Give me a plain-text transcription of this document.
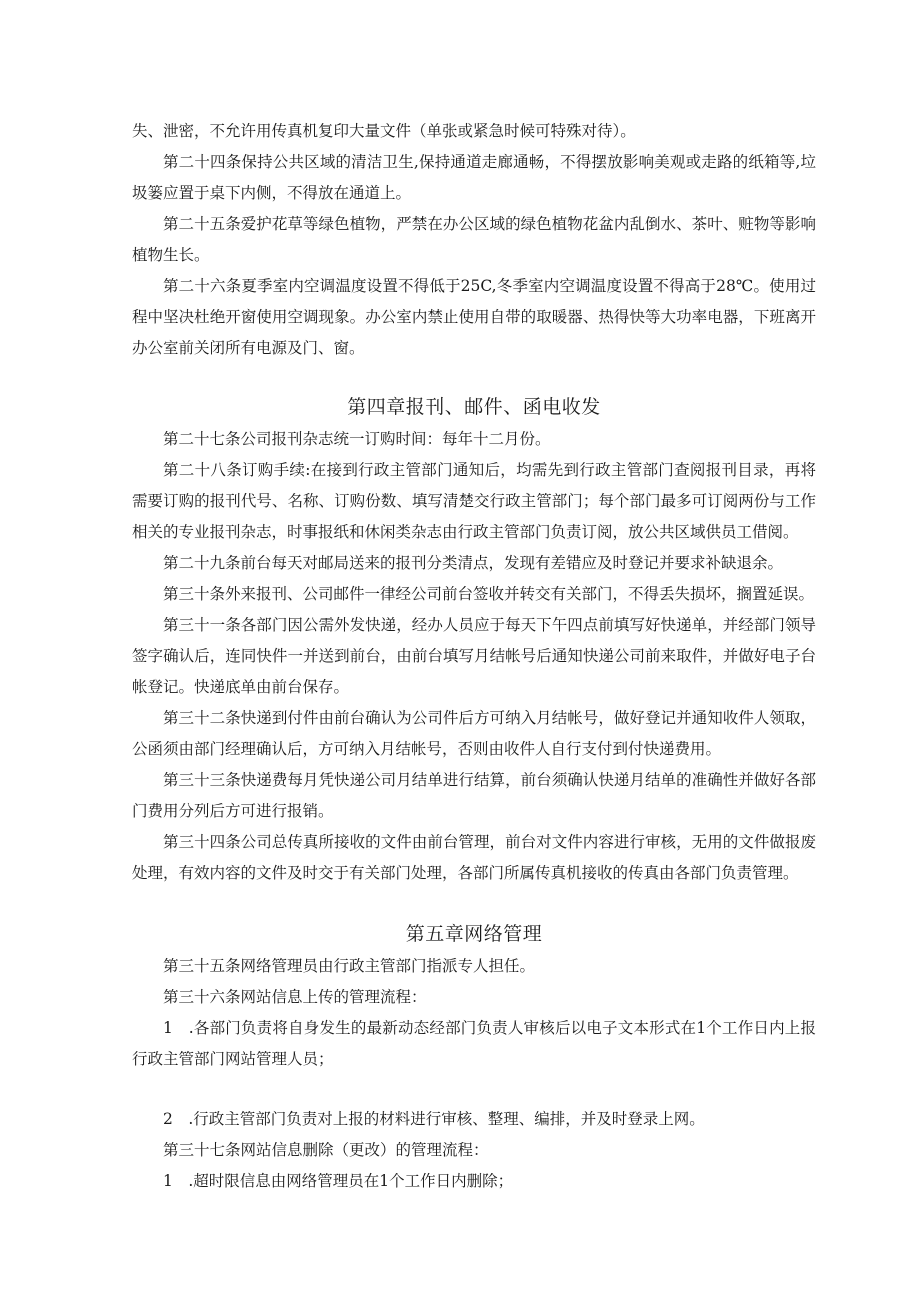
失、泄密，不允许用传真机复印大量文件（单张或紧急时候可特殊对待）。

第二十四条保持公共区域的清洁卫生,保持通道走廊通畅，不得摆放影响美观或走路的纸箱等,垃圾篓应置于桌下内侧，不得放在通道上。

第二十五条爱护花草等绿色植物，严禁在办公区域的绿色植物花盆内乱倒水、茶叶、赃物等影响植物生长。

第二十六条夏季室内空调温度设置不得低于25C,冬季室内空调温度设置不得高于28℃。使用过程中坚决杜绝开窗使用空调现象。办公室内禁止使用自带的取暖器、热得快等大功率电器，下班离开办公室前关闭所有电源及门、窗。

第四章报刊、邮件、函电收发

第二十七条公司报刊杂志统一订购时间：每年十二月份。

第二十八条订购手续:在接到行政主管部门通知后，均需先到行政主管部门查阅报刊目录，再将需要订购的报刊代号、名称、订购份数、填写清楚交行政主管部门；每个部门最多可订阅两份与工作相关的专业报刊杂志，时事报纸和休闲类杂志由行政主管部门负责订阅，放公共区域供员工借阅。

第二十九条前台每天对邮局送来的报刊分类清点，发现有差错应及时登记并要求补缺退余。

第三十条外来报刊、公司邮件一律经公司前台签收并转交有关部门，不得丢失损坏，搁置延误。

第三十一条各部门因公需外发快递，经办人员应于每天下午四点前填写好快递单，并经部门领导签字确认后，连同快件一并送到前台，由前台填写月结帐号后通知快递公司前来取件，并做好电子台帐登记。快递底单由前台保存。

第三十二条快递到付件由前台确认为公司件后方可纳入月结帐号，做好登记并通知收件人领取，公函须由部门经理确认后，方可纳入月结帐号，否则由收件人自行支付到付快递费用。

第三十三条快递费每月凭快递公司月结单进行结算，前台须确认快递月结单的准确性并做好各部门费用分列后方可进行报销。

第三十四条公司总传真所接收的文件由前台管理，前台对文件内容进行审核，无用的文件做报废处理，有效内容的文件及时交于有关部门处理，各部门所属传真机接收的传真由各部门负责管理。

第五章网络管理

第三十五条网络管理员由行政主管部门指派专人担任。

第三十六条网站信息上传的管理流程：

1　.各部门负责将自身发生的最新动态经部门负责人审核后以电子文本形式在1个工作日内上报行政主管部门网站管理人员；

2　.行政主管部门负责对上报的材料进行审核、整理、编排，并及时登录上网。

第三十七条网站信息删除（更改）的管理流程：

1　.超时限信息由网络管理员在1个工作日内删除；
